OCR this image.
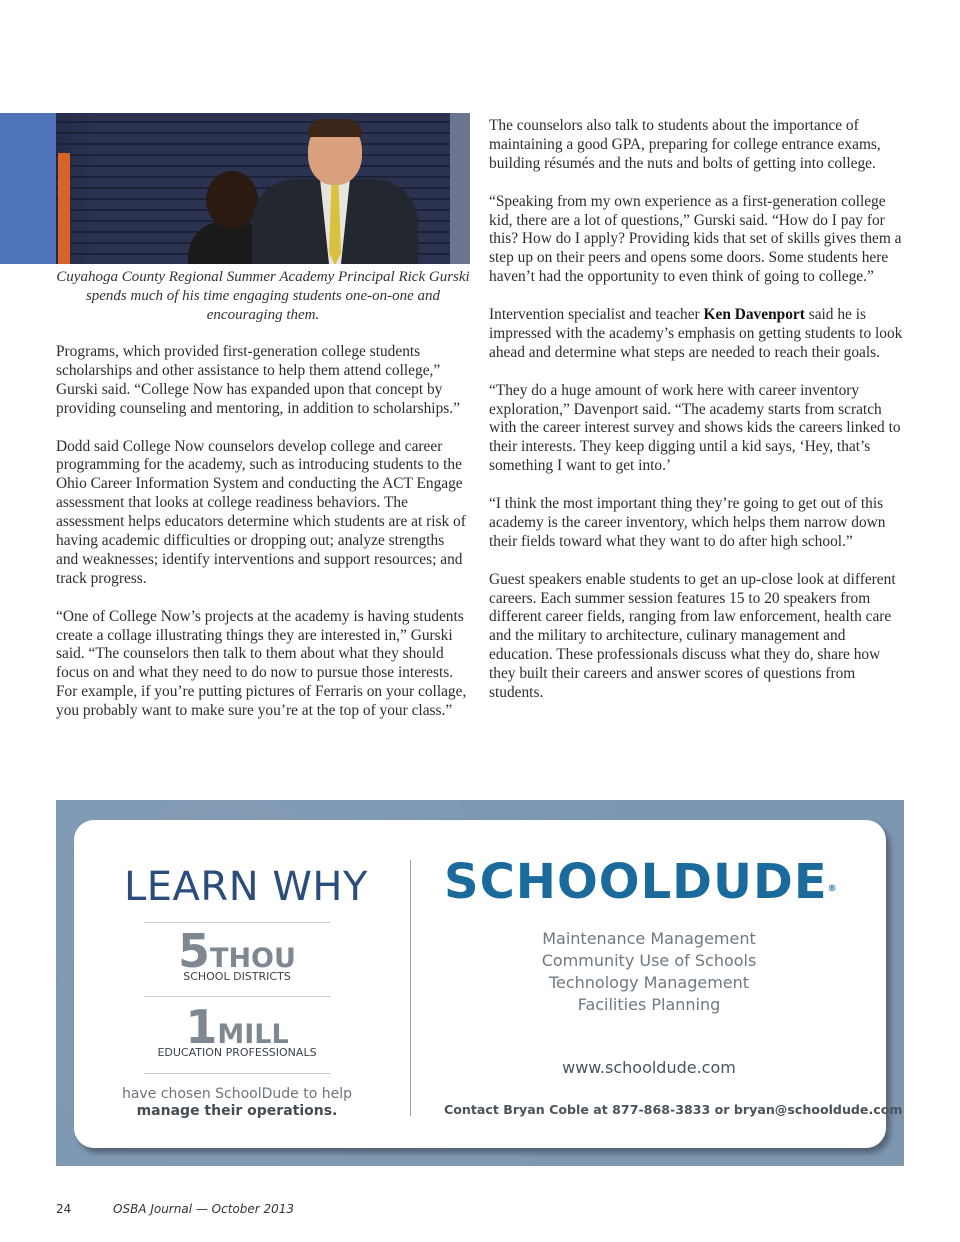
Cuyahoga County Regional Summer Academy Principal Rick Gurski spends much of his time engaging students one-on-one and encouraging them.

Programs, which provided first-generation college students scholarships and other assistance to help them attend college,” Gurski said. “College Now has expanded upon that concept by providing counseling and mentoring, in addition to scholarships.”

Dodd said College Now counselors develop college and career programming for the academy, such as introducing students to the Ohio Career Information System and conducting the ACT Engage assessment that looks at college readiness behaviors. The assessment helps educators determine which students are at risk of having academic difficulties or dropping out; analyze strengths and weaknesses; identify interventions and support resources; and track progress.

“One of College Now’s projects at the academy is having students create a collage illustrating things they are interested in,” Gurski said. “The counselors then talk to them about what they should focus on and what they need to do now to pursue those interests. For example, if you’re putting pictures of Ferraris on your collage, you probably want to make sure you’re at the top of your class.”

The counselors also talk to students about the importance of maintaining a good GPA, preparing for college entrance exams, building résumés and the nuts and bolts of getting into college.

“Speaking from my own experience as a first-generation college kid, there are a lot of questions,” Gurski said. “How do I pay for this? How do I apply? Providing kids that set of skills gives them a step up on their peers and opens some doors. Some students here haven’t had the opportunity to even think of going to college.”

Intervention specialist and teacher Ken Davenport said he is impressed with the academy’s emphasis on getting students to look ahead and determine what steps are needed to reach their goals.

“They do a huge amount of work here with career inventory exploration,” Davenport said. “The academy starts from scratch with the career interest survey and shows kids the careers linked to their interests. They keep digging until a kid says, ‘Hey, that’s something I want to get into.’

“I think the most important thing they’re going to get out of this academy is the career inventory, which helps them narrow down their fields toward what they want to do after high school.”

Guest speakers enable students to get an up-close look at different careers. Each summer session features 15 to 20 speakers from different career fields, ranging from law enforcement, health care and the military to architecture, culinary management and education. These professionals discuss what they do, share how they built their careers and answer scores of questions from students.

LEARN WHY
5THOU
SCHOOL DISTRICTS
1MILL
EDUCATION PROFESSIONALS
have chosen SchoolDude to help
manage their operations.
SCHOOLDUDE®
Maintenance Management
Community Use of Schools
Technology Management
Facilities Planning
www.schooldude.com
Contact Bryan Coble at 877-868-3833 or bryan@schooldude.com
24	OSBA Journal — October 2013
